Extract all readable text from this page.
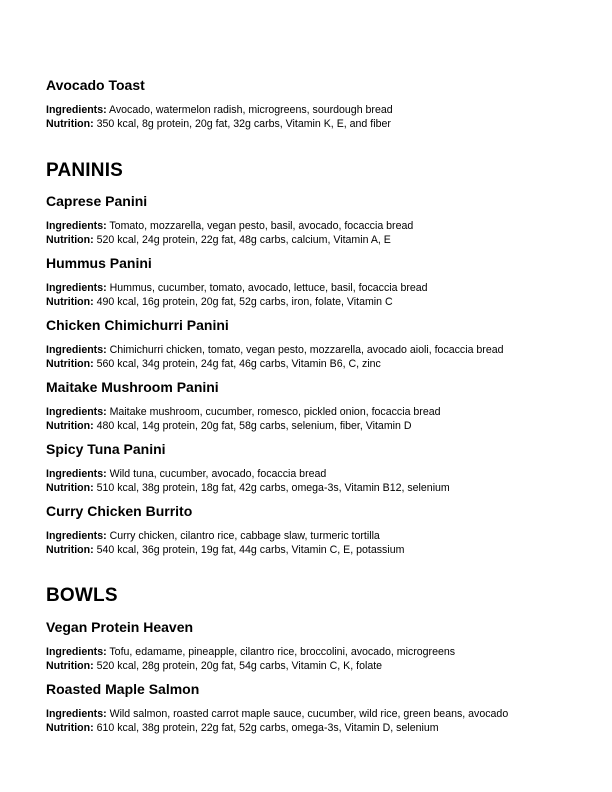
Avocado Toast

Ingredients: Avocado, watermelon radish, microgreens, sourdough bread

Nutrition: 350 kcal, 8g protein, 20g fat, 32g carbs, Vitamin K, E, and fiber

PANINIS

Caprese Panini

Ingredients: Tomato, mozzarella, vegan pesto, basil, avocado, focaccia bread

Nutrition: 520 kcal, 24g protein, 22g fat, 48g carbs, calcium, Vitamin A, E

Hummus Panini

Ingredients: Hummus, cucumber, tomato, avocado, lettuce, basil, focaccia bread

Nutrition: 490 kcal, 16g protein, 20g fat, 52g carbs, iron, folate, Vitamin C

Chicken Chimichurri Panini

Ingredients: Chimichurri chicken, tomato, vegan pesto, mozzarella, avocado aioli, focaccia bread

Nutrition: 560 kcal, 34g protein, 24g fat, 46g carbs, Vitamin B6, C, zinc

Maitake Mushroom Panini

Ingredients: Maitake mushroom, cucumber, romesco, pickled onion, focaccia bread

Nutrition: 480 kcal, 14g protein, 20g fat, 58g carbs, selenium, fiber, Vitamin D

Spicy Tuna Panini

Ingredients: Wild tuna, cucumber, avocado, focaccia bread

Nutrition: 510 kcal, 38g protein, 18g fat, 42g carbs, omega-3s, Vitamin B12, selenium

Curry Chicken Burrito

Ingredients: Curry chicken, cilantro rice, cabbage slaw, turmeric tortilla

Nutrition: 540 kcal, 36g protein, 19g fat, 44g carbs, Vitamin C, E, potassium

BOWLS

Vegan Protein Heaven

Ingredients: Tofu, edamame, pineapple, cilantro rice, broccolini, avocado, microgreens

Nutrition: 520 kcal, 28g protein, 20g fat, 54g carbs, Vitamin C, K, folate

Roasted Maple Salmon

Ingredients: Wild salmon, roasted carrot maple sauce, cucumber, wild rice, green beans, avocado

Nutrition: 610 kcal, 38g protein, 22g fat, 52g carbs, omega-3s, Vitamin D, selenium
